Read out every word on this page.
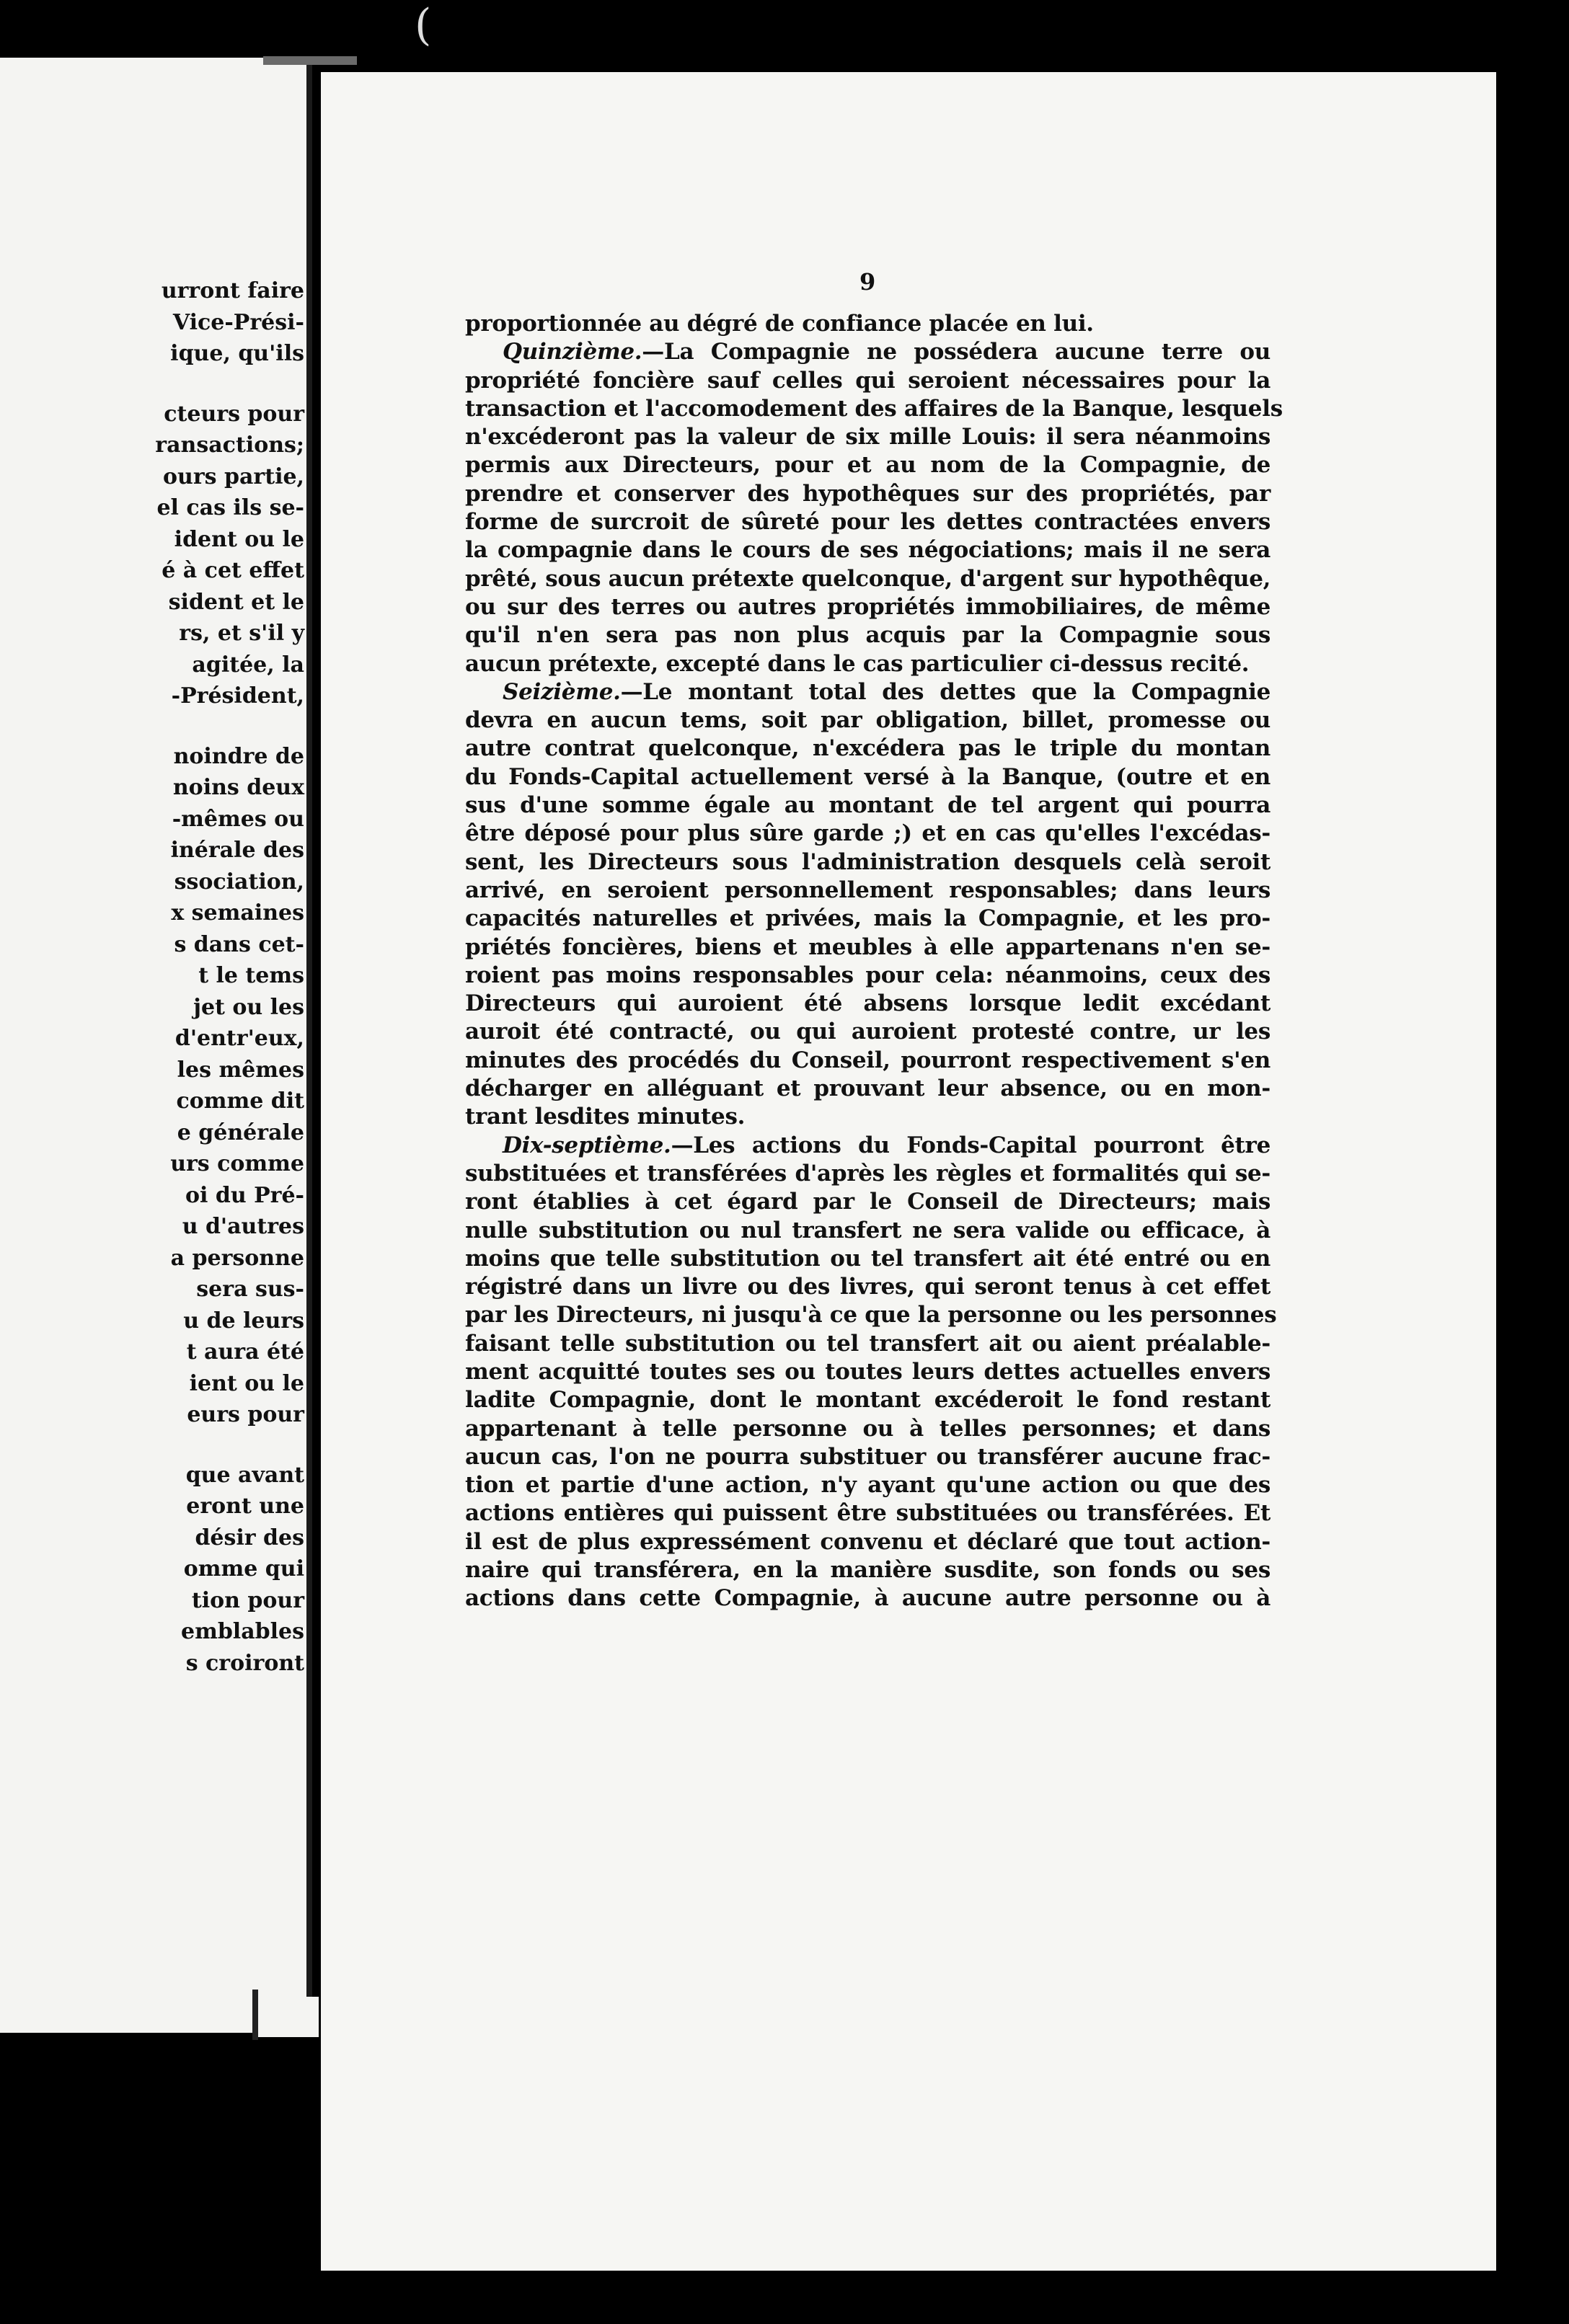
(
urront faire
Vice-Prési-
ique, qu'ils
cteurs pour
ransactions;
ours partie,
el cas ils se-
ident ou le
é à cet effet
sident et le
rs, et s'il y
agitée, la
-Président,
noindre de
noins deux
-mêmes ou
inérale des
ssociation,
x semaines
s dans cet-
t le tems
jet ou les
d'entr'eux,
les mêmes
comme dit
e générale
urs comme
oi du Pré-
u d'autres
a personne
sera sus-
u de leurs
t aura été
ient ou le
eurs pour
que avant
eront une
désir des
omme qui
tion pour
emblables
s croiront
9
proportionnée au dégré de confiance placée en lui.
Quinzième.—La Compagnie ne possédera aucune terre ou
propriété foncière sauf celles qui seroient nécessaires pour la
transaction et l'accomodement des affaires de la Banque, lesquels
n'excéderont pas la valeur de six mille Louis: il sera néanmoins
permis aux Directeurs, pour et au nom de la Compagnie, de
prendre et conserver des hypothêques sur des propriétés, par
forme de surcroit de sûreté pour les dettes contractées envers
la compagnie dans le cours de ses négociations; mais il ne sera
prêté, sous aucun prétexte quelconque, d'argent sur hypothêque,
ou sur des terres ou autres propriétés immobiliaires, de même
qu'il n'en sera pas non plus acquis par la Compagnie sous
aucun prétexte, excepté dans le cas particulier ci-dessus recité.
Seizième.—Le montant total des dettes que la Compagnie
devra en aucun tems, soit par obligation, billet, promesse ou
autre contrat quelconque, n'excédera pas le triple du montan
du Fonds-Capital actuellement versé à la Banque, (outre et en
sus d'une somme égale au montant de tel argent qui pourra
être déposé pour plus sûre garde ;) et en cas qu'elles l'excédas-
sent, les Directeurs sous l'administration desquels celà seroit
arrivé, en seroient personnellement responsables; dans leurs
capacités naturelles et privées, mais la Compagnie, et les pro-
priétés foncières, biens et meubles à elle appartenans n'en se-
roient pas moins responsables pour cela: néanmoins, ceux des
Directeurs qui auroient été absens lorsque ledit excédant
auroit été contracté, ou qui auroient protesté contre, ur les
minutes des procédés du Conseil, pourront respectivement s'en
décharger en alléguant et prouvant leur absence, ou en mon-
trant lesdites minutes.
Dix-septième.—Les actions du Fonds-Capital pourront être
substituées et transférées d'après les règles et formalités qui se-
ront établies à cet égard par le Conseil de Directeurs; mais
nulle substitution ou nul transfert ne sera valide ou efficace, à
moins que telle substitution ou tel transfert ait été entré ou en
régistré dans un livre ou des livres, qui seront tenus à cet effet
par les Directeurs, ni jusqu'à ce que la personne ou les personnes
faisant telle substitution ou tel transfert ait ou aient préalable-
ment acquitté toutes ses ou toutes leurs dettes actuelles envers
ladite Compagnie, dont le montant excéderoit le fond restant
appartenant à telle personne ou à telles personnes; et dans
aucun cas, l'on ne pourra substituer ou transférer aucune frac-
tion et partie d'une action, n'y ayant qu'une action ou que des
actions entières qui puissent être substituées ou transférées. Et
il est de plus expressément convenu et déclaré que tout action-
naire qui transférera, en la manière susdite, son fonds ou ses
actions dans cette Compagnie, à aucune autre personne ou à
